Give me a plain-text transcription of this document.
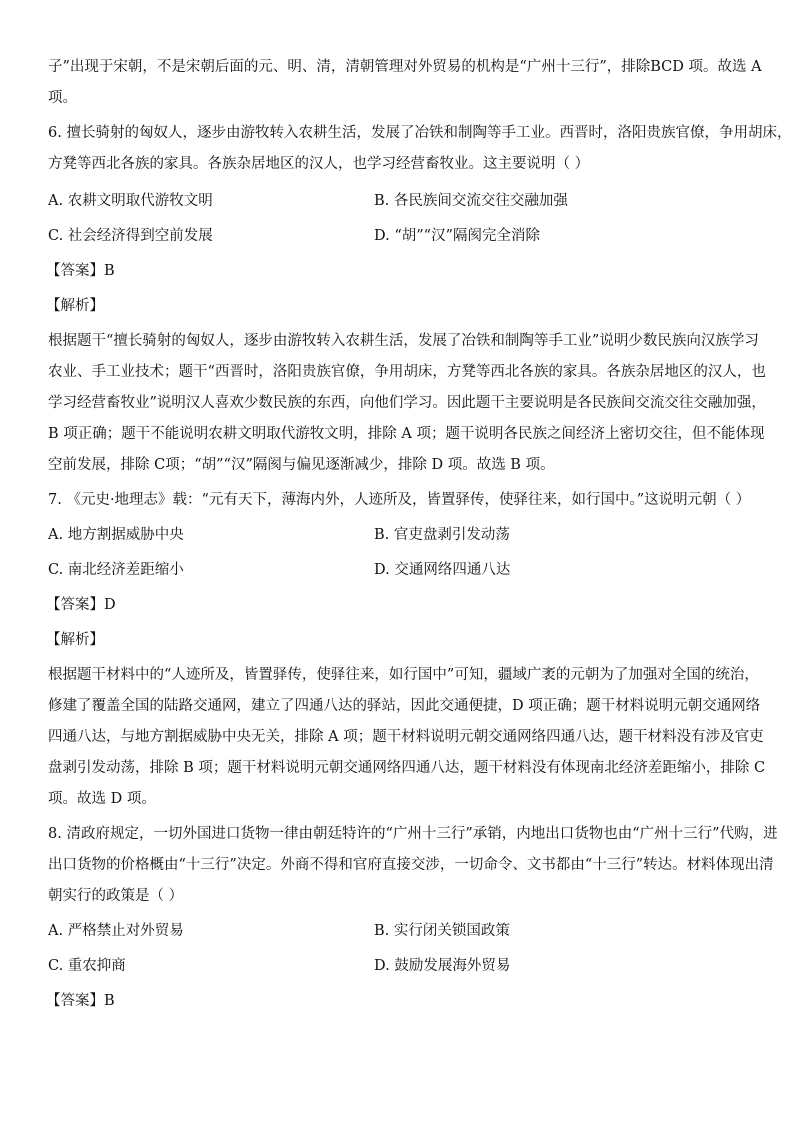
子”出现于宋朝，不是宋朝后面的元、明、清，清朝管理对外贸易的机构是“广州十三行”，排除BCD 项。故选 A
项。
6. 擅长骑射的匈奴人，逐步由游牧转入农耕生活，发展了冶铁和制陶等手工业。西晋时，洛阳贵族官僚，争用胡床，
方凳等西北各族的家具。各族杂居地区的汉人，也学习经营畜牧业。这主要说明（ ）
A. 农耕文明取代游牧文明	B. 各民族间交流交往交融加强
C. 社会经济得到空前发展	D. “胡”“汉”隔阂完全消除
【答案】B
【解析】
根据题干“擅长骑射的匈奴人，逐步由游牧转入农耕生活，发展了冶铁和制陶等手工业”说明少数民族向汉族学习
农业、手工业技术；题干“西晋时，洛阳贵族官僚，争用胡床，方凳等西北各族的家具。各族杂居地区的汉人，也
学习经营畜牧业”说明汉人喜欢少数民族的东西，向他们学习。因此题干主要说明是各民族间交流交往交融加强，
B 项正确；题干不能说明农耕文明取代游牧文明，排除 A 项；题干说明各民族之间经济上密切交往，但不能体现
空前发展，排除 C项；“胡”“汉”隔阂与偏见逐渐减少，排除 D 项。故选 B 项。
7. 《元史·地理志》载：“元有天下，薄海内外，人迹所及，皆置驿传，使驿往来，如行国中。”这说明元朝（ ）
A. 地方割据威胁中央	B. 官吏盘剥引发动荡
C. 南北经济差距缩小	D. 交通网络四通八达
【答案】D
【解析】
根据题干材料中的“人迹所及，皆置驿传，使驿往来，如行国中”可知，疆域广袤的元朝为了加强对全国的统治，
修建了覆盖全国的陆路交通网，建立了四通八达的驿站，因此交通便捷，D 项正确；题干材料说明元朝交通网络
四通八达，与地方割据威胁中央无关，排除 A 项；题干材料说明元朝交通网络四通八达，题干材料没有涉及官吏
盘剥引发动荡，排除 B 项；题干材料说明元朝交通网络四通八达，题干材料没有体现南北经济差距缩小，排除 C
项。故选 D 项。
8. 清政府规定，一切外国进口货物一律由朝廷特许的“广州十三行”承销，内地出口货物也由“广州十三行”代购，进
出口货物的价格概由“十三行”决定。外商不得和官府直接交涉，一切命令、文书都由“十三行”转达。材料体现出清
朝实行的政策是（ ）
A. 严格禁止对外贸易	B. 实行闭关锁国政策
C. 重农抑商	D. 鼓励发展海外贸易
【答案】B
